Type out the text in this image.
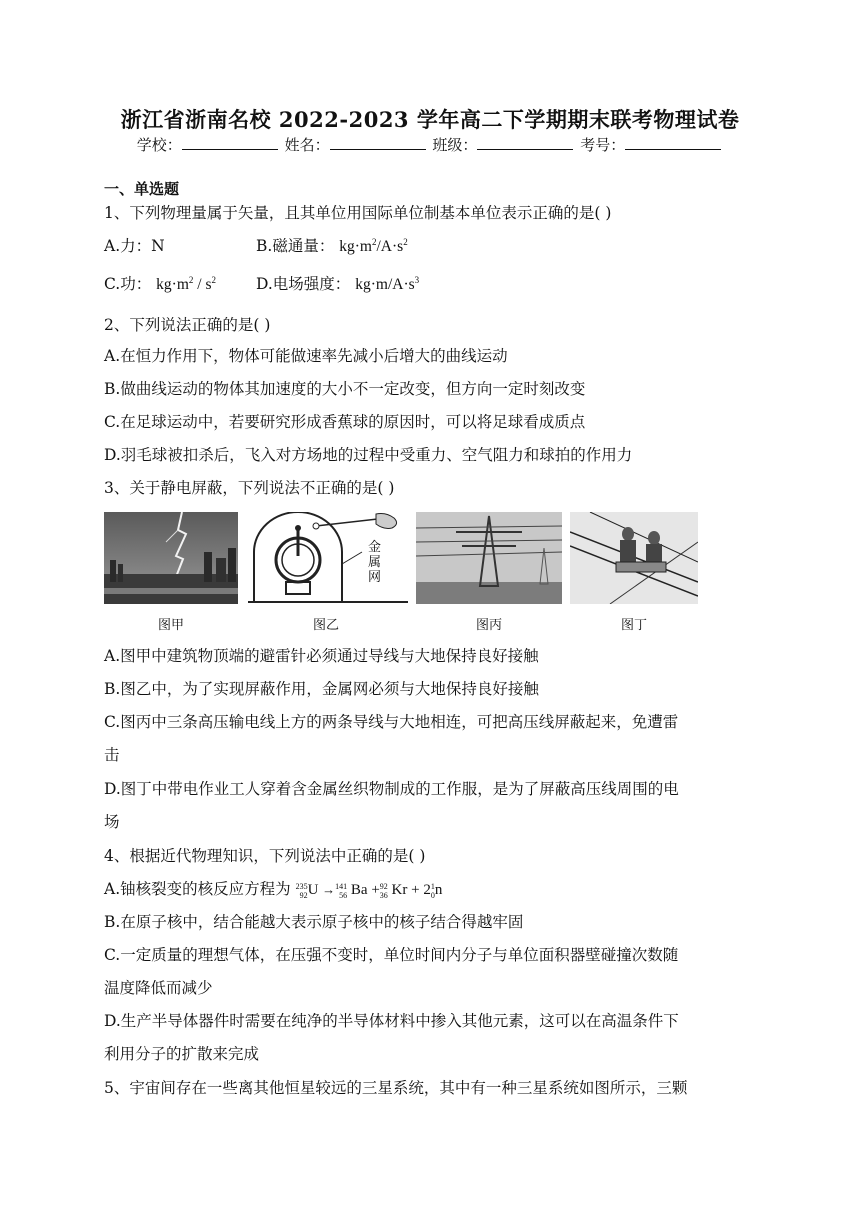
浙江省浙南名校 2022-2023 学年高二下学期期末联考物理试卷
学校：	姓名：	班级：	考号：
一、单选题
1、下列物理量属于矢量，且其单位用国际单位制基本单位表示正确的是( )
A.力：N	B.磁通量： $kg\cdot m^2/A\cdot s^2$
C.功： $kg\cdot m^2 / s^2$	D.电场强度： $kg\cdot m/A\cdot s^3$
2、下列说法正确的是( )
A.在恒力作用下，物体可能做速率先减小后增大的曲线运动
B.做曲线运动的物体其加速度的大小不一定改变，但方向一定时刻改变
C.在足球运动中，若要研究形成香蕉球的原因时，可以将足球看成质点
D.羽毛球被扣杀后，飞入对方场地的过程中受重力、空气阻力和球拍的作用力
3、关于静电屏蔽，下列说法不正确的是( )
图甲
金属网
图乙	图丙	图丁
A.图甲中建筑物顶端的避雷针必须通过导线与大地保持良好接触
B.图乙中，为了实现屏蔽作用，金属网必须与大地保持良好接触
C.图丙中三条高压输电线上方的两条导线与大地相连，可把高压线屏蔽起来，免遭雷
击
D.图丁中带电作业工人穿着含金属丝织物制成的工作服，是为了屏蔽高压线周围的电
场
4、根据近代物理知识，下列说法中正确的是( )
A.铀核裂变的核反应方程为 235
92U →141
56 Ba +92
36 Kr + 21
0n
B.在原子核中，结合能越大表示原子核中的核子结合得越牢固
C.一定质量的理想气体，在压强不变时，单位时间内分子与单位面积器壁碰撞次数随
温度降低而减少
D.生产半导体器件时需要在纯净的半导体材料中掺入其他元素，这可以在高温条件下
利用分子的扩散来完成
5、宇宙间存在一些离其他恒星较远的三星系统，其中有一种三星系统如图所示，三颗
